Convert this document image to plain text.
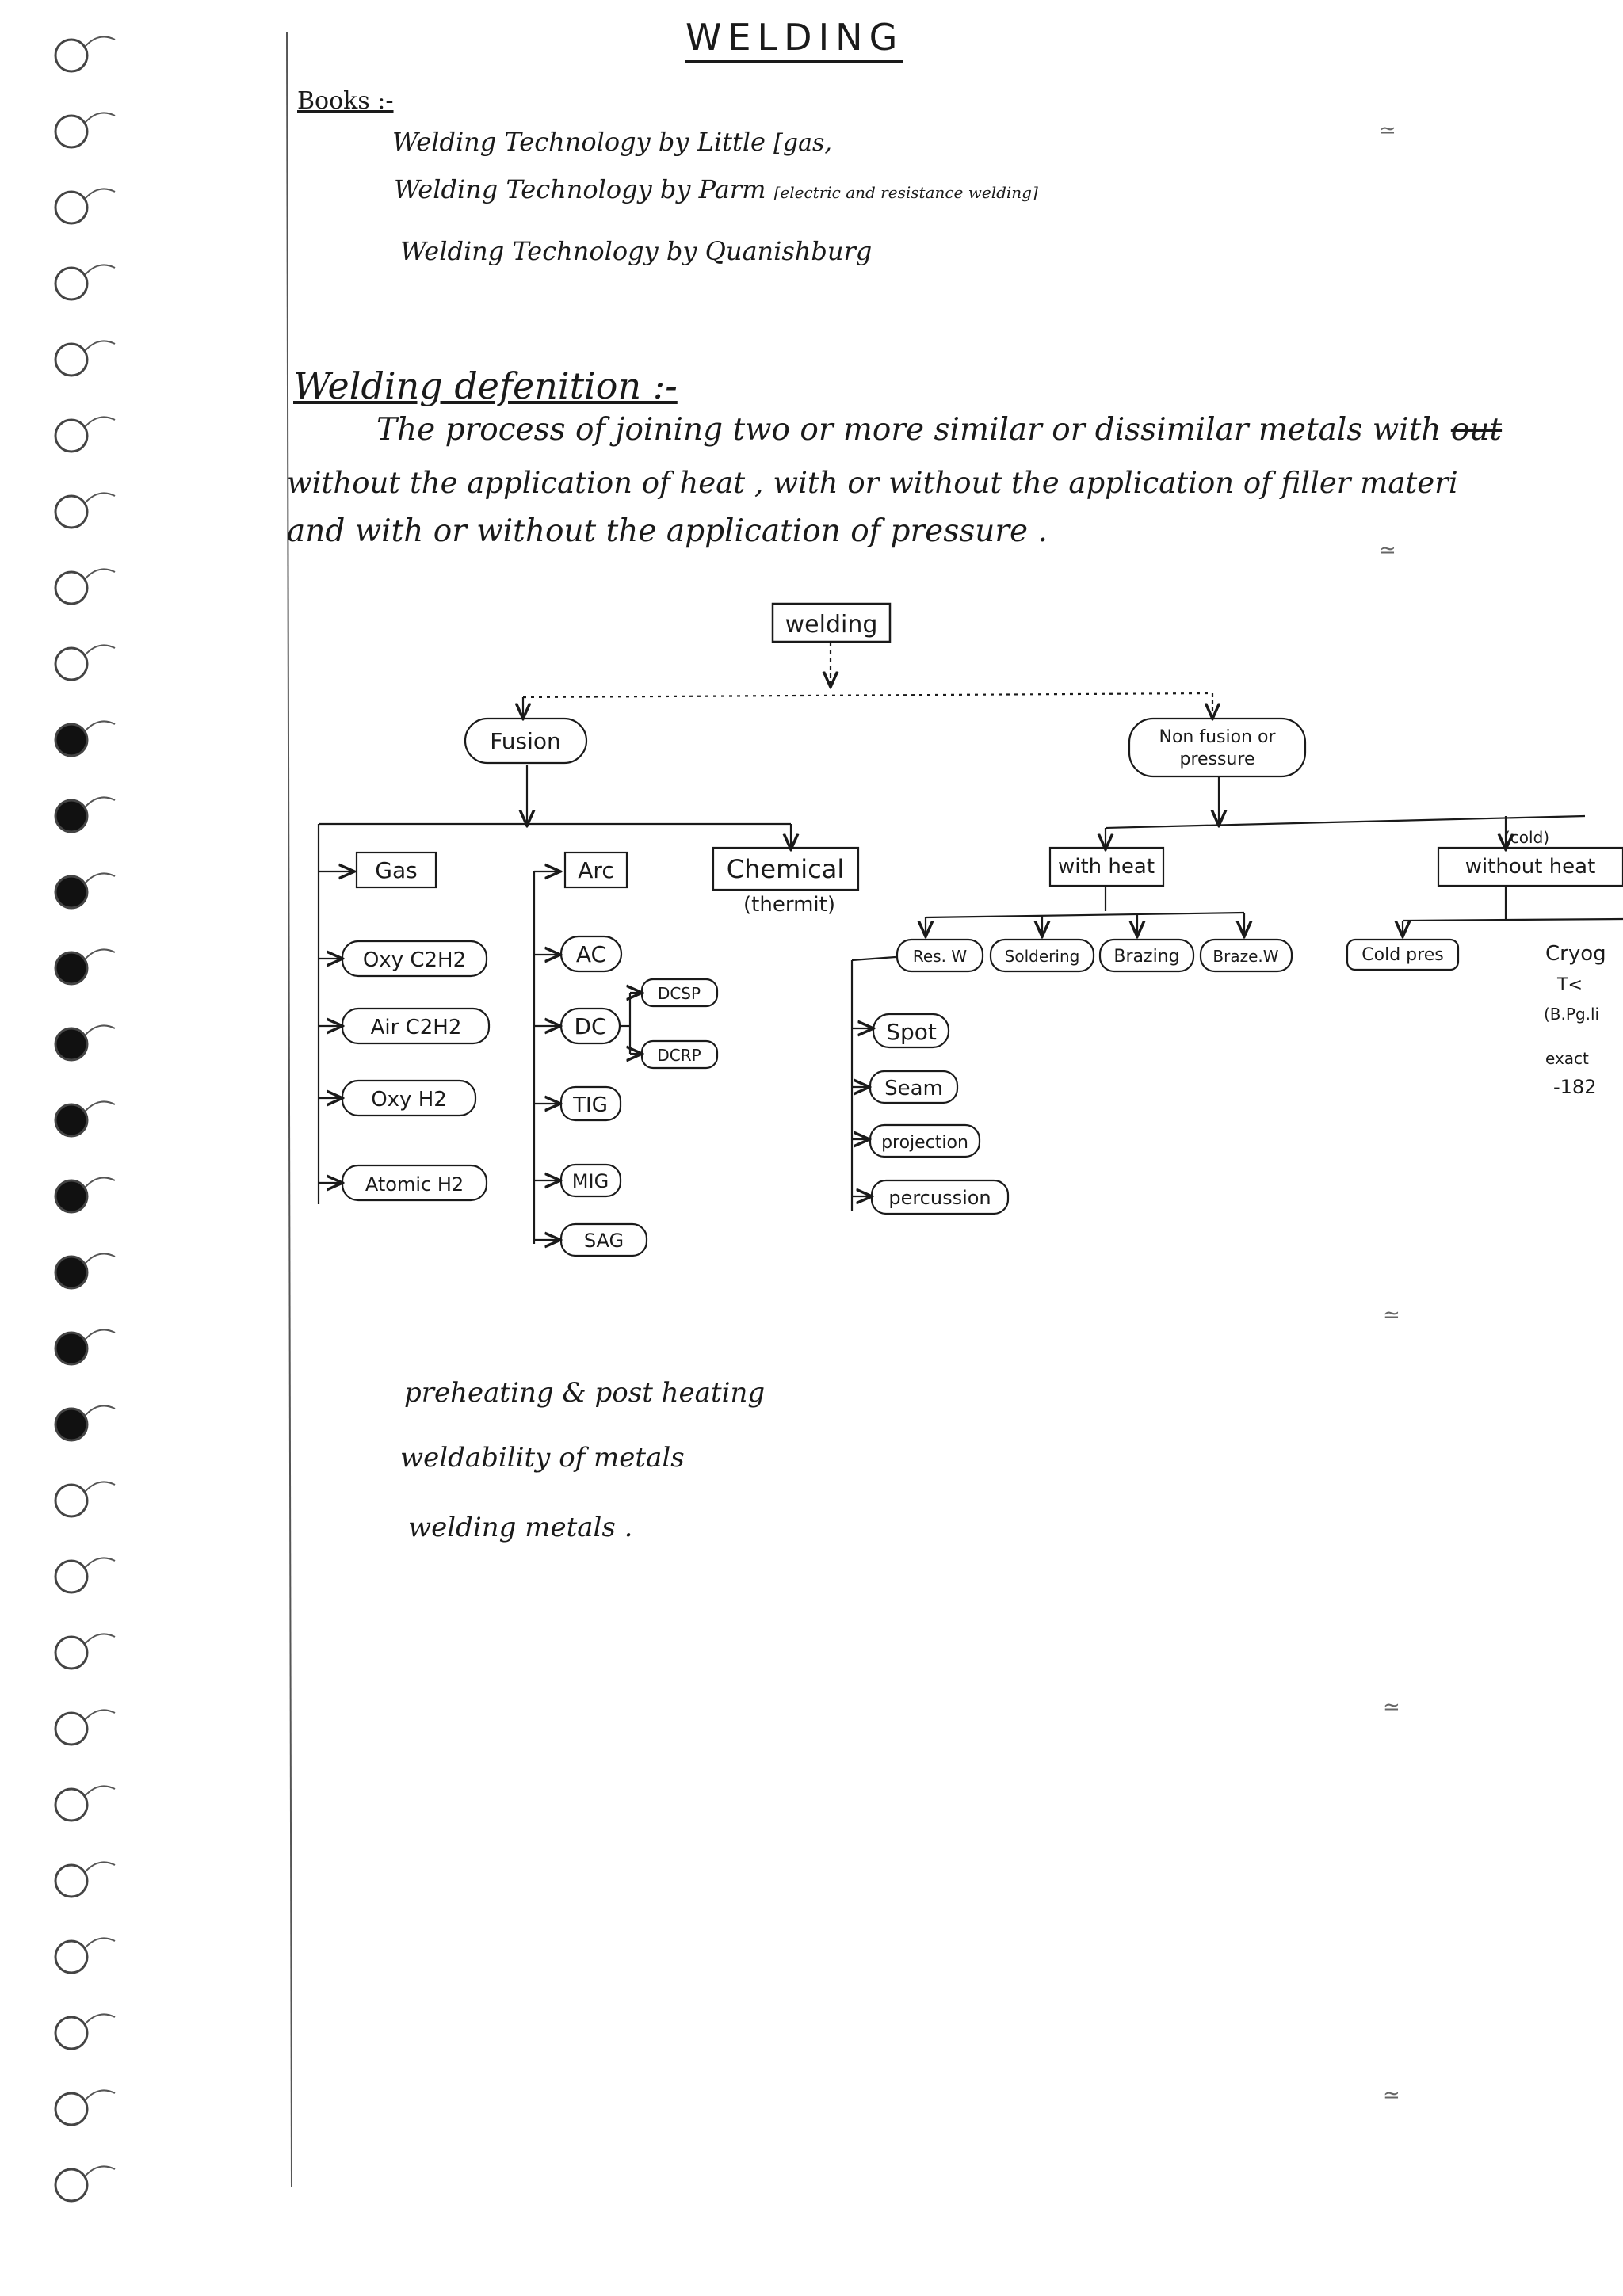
WELDING
Books :-
Welding Technology by Little [gas,
Welding Technology by Parm [electric and resistance welding]
Welding Technology by Quanishburg
Welding defenition :-
The process of joining two or more similar or dissimilar metals with out
without the application of heat , with or without the application of filler materi
and with or without the application of pressure .
welding
Fusion	Non fusion or
pressure
Gas	Arc	Chemical
(thermit)
Oxy C2H2
Air C2H2
Oxy H2
Atomic H2
AC
DC
TIG
MIG
SAG
DCSP
DCRP
with heat	without heat
(cold)
Res. W Soldering Brazing Braze.W	Cold pres	Cryog
T<
(B.Pg.li
exact
-182
Spot
Seam
projection
percussion
preheating & post heating
weldability of metals
welding metals .
≃
≃
≃
≃
≃
